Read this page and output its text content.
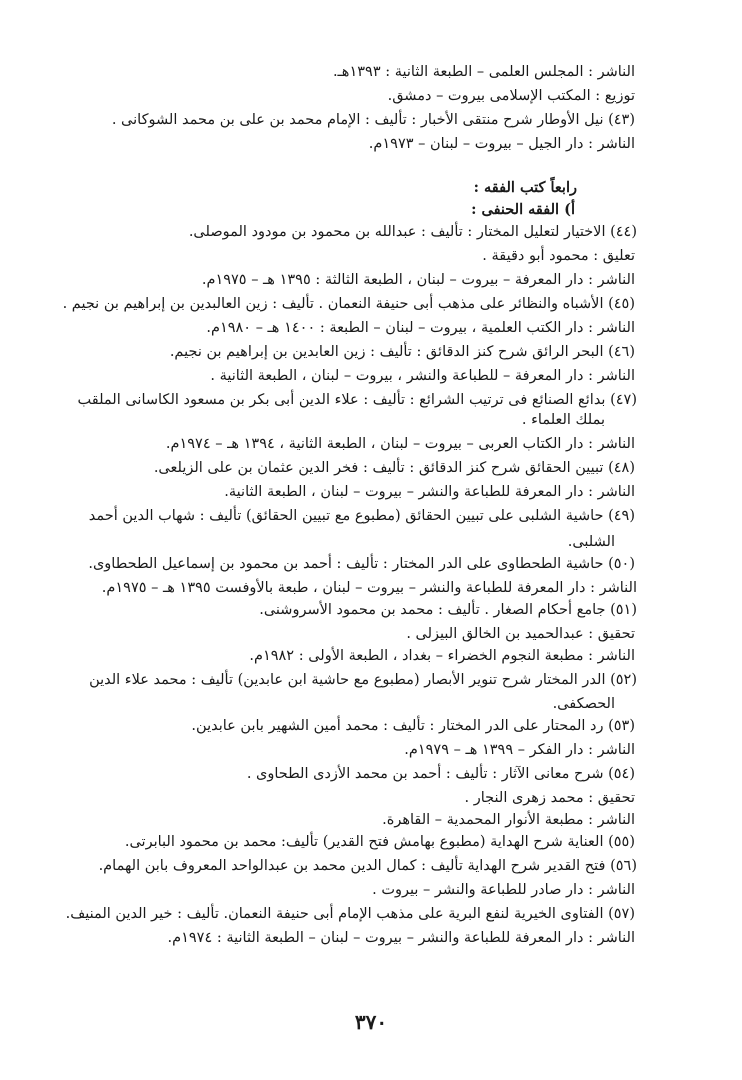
الناشر : المجلس العلمى – الطبعة الثانية : ١٣٩٣هـ.
توزيع : المكتب الإسلامى بيروت – دمشق.
(٤٣) نيل الأوطار شرح منتقى الأخبار : تأليف : الإمام محمد بن على بن محمد الشوكانى .
الناشر : دار الجيل – بيروت – لبنان – ١٩٧٣م.
رابعاً كتب الفقه :
أ) الفقه الحنفى :
(٤٤) الاختيار لتعليل المختار : تأليف : عبدالله بن محمود بن مودود الموصلى.
تعليق : محمود أبو دقيقة .
الناشر : دار المعرفة – بيروت – لبنان ، الطبعة الثالثة : ١٣٩٥ هـ – ١٩٧٥م.
(٤٥) الأشباه والنظائر على مذهب أبى حنيفة النعمان . تأليف : زين العالبدين بن إبراهيم بن نجيم .
الناشر : دار الكتب العلمية ، بيروت – لبنان – الطبعة : ١٤٠٠ هـ – ١٩٨٠م.
(٤٦) البحر الرائق شرح كنز الدقائق : تأليف : زين العابدين بن إبراهيم بن نجيم.
الناشر : دار المعرفة – للطباعة والنشر ، بيروت – لبنان ، الطبعة الثانية .
(٤٧) بدائع الصنائع فى ترتيب الشرائع : تأليف : علاء الدين أبى بكر بن مسعود الكاسانى الملقب
بملك العلماء .
الناشر : دار الكتاب العربى – بيروت – لبنان ، الطبعة الثانية ، ١٣٩٤ هـ – ١٩٧٤م.
(٤٨) تبيين الحقائق شرح كنز الدقائق : تأليف : فخر الدين عثمان بن على الزيلعى.
الناشر : دار المعرفة للطباعة والنشر – بيروت – لبنان ، الطبعة الثانية.
(٤٩) حاشية الشلبى على تبيين الحقائق (مطبوع مع تبيين الحقائق) تأليف : شهاب الدين أحمد
الشلبى.
(٥٠) حاشية الطحطاوى على الدر المختار : تأليف : أحمد بن محمود بن إسماعيل الطحطاوى.
الناشر : دار المعرفة للطباعة والنشر – بيروت – لبنان ، طبعة بالأوفست ١٣٩٥ هـ – ١٩٧٥م.
(٥١) جامع أحكام الصغار . تأليف : محمد بن محمود الأسروشنى.
تحقيق : عبدالحميد بن الخالق البيزلى .
الناشر : مطبعة النجوم الخضراء – بغداد ، الطبعة الأولى : ١٩٨٢م.
(٥٢) الدر المختار شرح تنوير الأبصار (مطبوع مع حاشية ابن عابدين) تأليف : محمد علاء الدين
الحصكفى.
(٥٣) رد المحتار على الدر المختار : تأليف : محمد أمين الشهير بابن عابدين.
الناشر : دار الفكر – ١٣٩٩ هـ – ١٩٧٩م.
(٥٤) شرح معانى الآثار : تأليف : أحمد بن محمد الأزدى الطحاوى .
تحقيق : محمد زهرى النجار .
الناشر : مطبعة الأنوار المحمدية – القاهرة.
(٥٥) العناية شرح الهداية (مطبوع بهامش فتح القدير) تأليف: محمد بن محمود البابرتى.
(٥٦) فتح القدير شرح الهداية تأليف : كمال الدين محمد بن عبدالواحد المعروف بابن الهمام.
الناشر : دار صادر للطباعة والنشر – بيروت .
(٥٧) الفتاوى الخيرية لنفع البرية على مذهب الإمام أبى حنيفة النعمان. تأليف : خير الدين المنيف.
الناشر : دار المعرفة للطباعة والنشر – بيروت – لبنان – الطبعة الثانية : ١٩٧٤م.
٣٧٠
